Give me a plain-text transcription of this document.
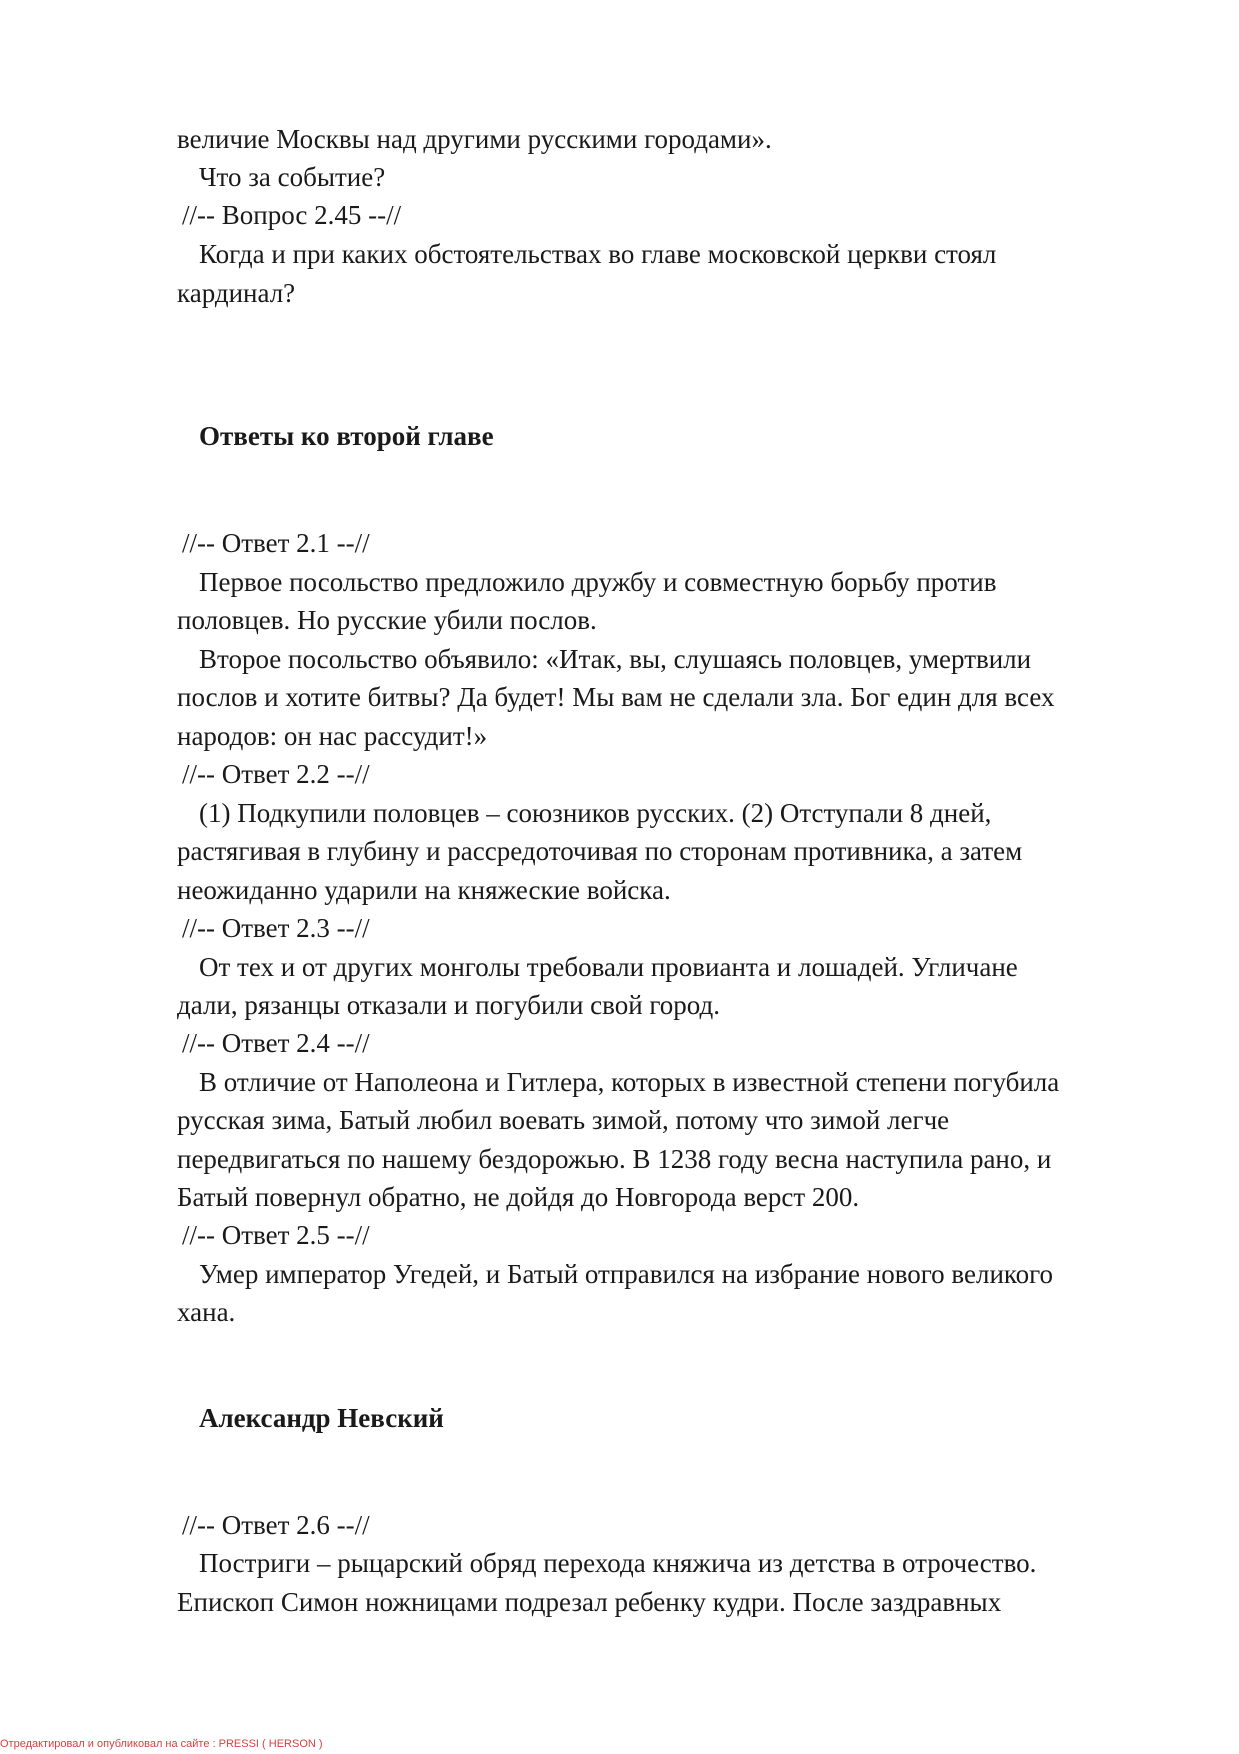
величие Москвы над другими русскими городами».
Что за событие?
//-- Вопрос 2.45 --//
Когда и при каких обстоятельствах во главе московской церкви стоял
кардинал?
Ответы ко второй главе
//-- Ответ 2.1 --//
Первое посольство предложило дружбу и совместную борьбу против
половцев. Но русские убили послов.
Второе посольство объявило: «Итак, вы, слушаясь половцев, умертвили
послов и хотите битвы? Да будет! Мы вам не сделали зла. Бог един для всех
народов: он нас рассудит!»
//-- Ответ 2.2 --//
(1) Подкупили половцев – союзников русских. (2) Отступали 8 дней,
растягивая в глубину и рассредоточивая по сторонам противника, а затем
неожиданно ударили на княжеские войска.
//-- Ответ 2.3 --//
От тех и от других монголы требовали провианта и лошадей. Угличане
дали, рязанцы отказали и погубили свой город.
//-- Ответ 2.4 --//
В отличие от Наполеона и Гитлера, которых в известной степени погубила
русская зима, Батый любил воевать зимой, потому что зимой легче
передвигаться по нашему бездорожью. В 1238 году весна наступила рано, и
Батый повернул обратно, не дойдя до Новгорода верст 200.
//-- Ответ 2.5 --//
Умер император Угедей, и Батый отправился на избрание нового великого
хана.
Александр Невский
//-- Ответ 2.6 --//
Постриги – рыцарский обряд перехода княжича из детства в отрочество.
Епископ Симон ножницами подрезал ребенку кудри. После заздравных
Отредактировал и опубликовал на сайте : PRESSI ( HERSON )
